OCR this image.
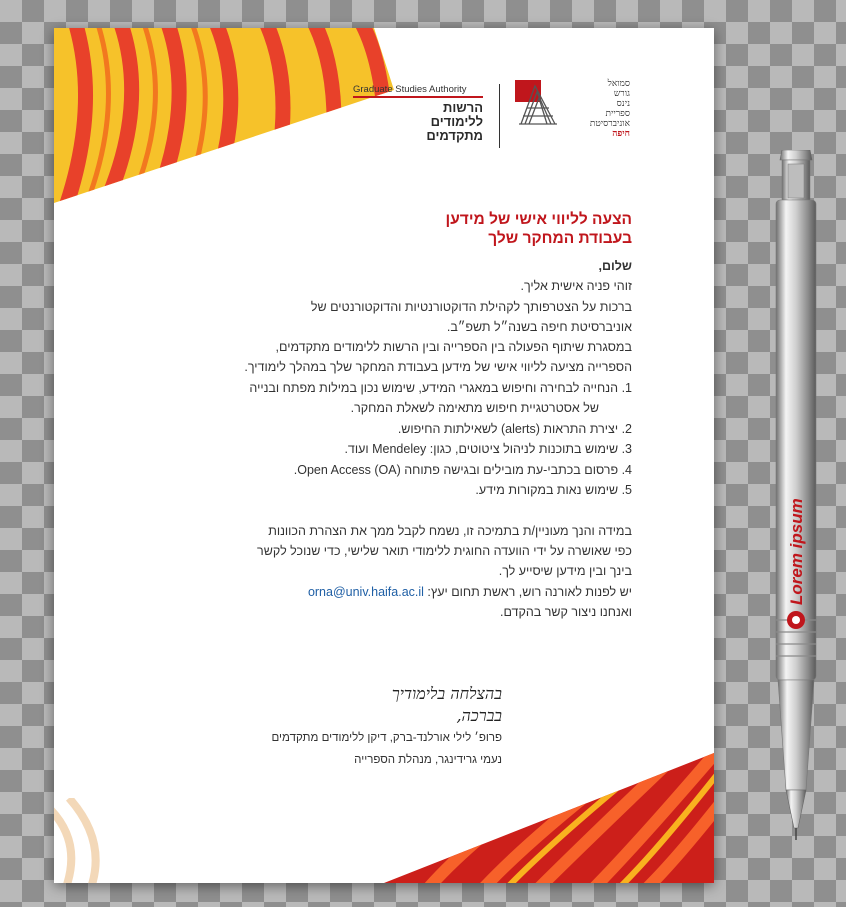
סמואל
גורש
נינס
ספריית
אוניברסיטת
חיפה
Graduate Studies Authority
הרשות
ללימודים
מתקדמים
הצעה לליווי אישי של מידען
בעבודת המחקר שלך
שלום,
זוהי פניה אישית אליך.
ברכות על הצטרפותך לקהילת הדוקטורנטיות והדוקטורנטים של
אוניברסיטת חיפה בשנה״ל תשפ״ב.
במסגרת שיתוף הפעולה בין הספרייה ובין הרשות ללימודים מתקדמים,
הספרייה מציעה לליווי אישי של מידען בעבודת המחקר שלך במהלך לימודיך.
1. הנחייה לבחירה וחיפוש במאגרי המידע, שימוש נכון במילות מפתח ובנייה
של אסטרטגיית חיפוש מתאימה לשאלת המחקר.
2. יצירת התראות (alerts) לשאילתות החיפוש.
3. שימוש בתוכנות לניהול ציטוטים, כגון: Mendeley ועוד.
4. פרסום בכתבי-עת מובילים ובגישה פתוחה Open Access (OA).
5. שימוש נאות במקורות מידע.
במידה והנך מעוניין/ת בתמיכה זו, נשמח לקבל ממך את הצהרת הכוונות
כפי שאושרה על ידי הוועדה החוגית ללימודי תואר שלישי, כדי שנוכל לקשר
בינך ובין מידען שיסייע לך.
יש לפנות לאורנה רוש, ראשת תחום יעץ: orna@univ.haifa.ac.il
ואנחנו ניצור קשר בהקדם.
בהצלחה בלימודיך
בברכה,
פרופ׳ לילי אורלנד-ברק, דיקן ללימודים מתקדמים
נעמי גרידינגר, מנהלת הספרייה
Lorem ipsum
